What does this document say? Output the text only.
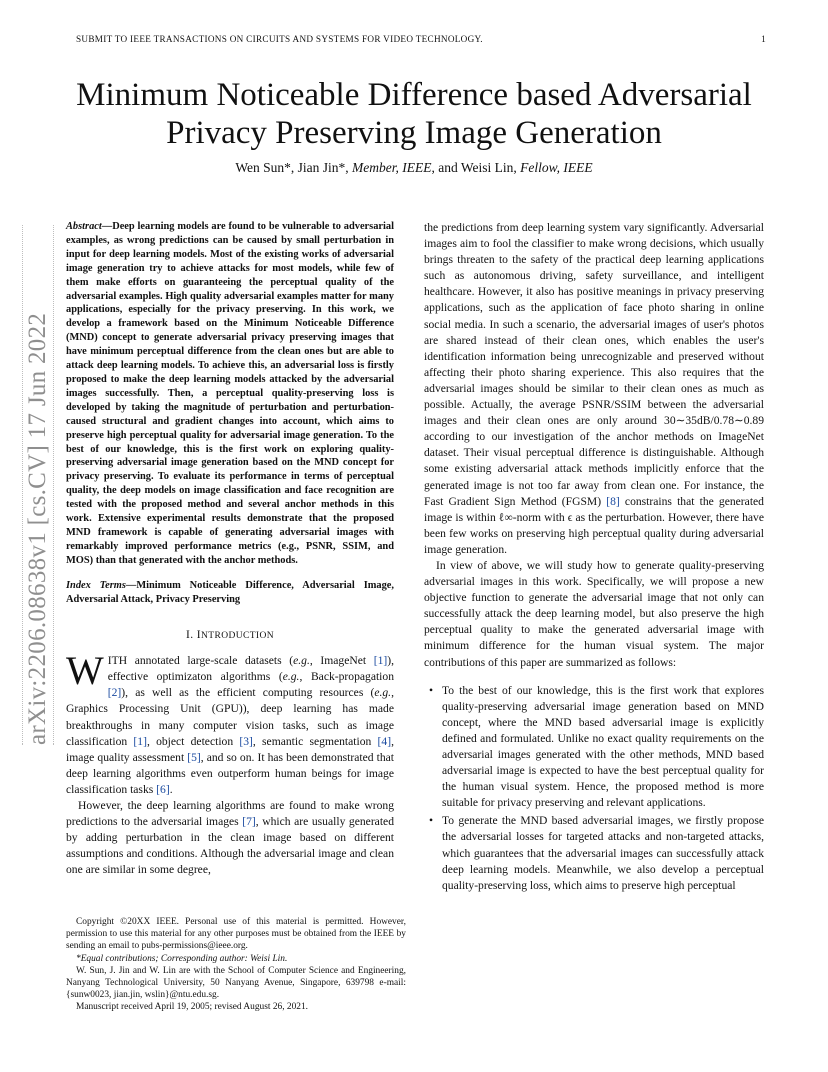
SUBMIT TO IEEE TRANSACTIONS ON CIRCUITS AND SYSTEMS FOR VIDEO TECHNOLOGY.	1
Minimum Noticeable Difference based Adversarial
Privacy Preserving Image Generation
Wen Sun*, Jian Jin*, Member, IEEE, and Weisi Lin, Fellow, IEEE
arXiv:2206.08638v1 [cs.CV] 17 Jun 2022
Abstract—Deep learning models are found to be vulnerable to adversarial examples, as wrong predictions can be caused by small perturbation in input for deep learning models. Most of the existing works of adversarial image generation try to achieve attacks for most models, while few of them make efforts on guaranteeing the perceptual quality of the adversarial examples. High quality adversarial examples matter for many applications, especially for the privacy preserving. In this work, we develop a framework based on the Minimum Noticeable Difference (MND) concept to generate adversarial privacy preserving images that have minimum perceptual difference from the clean ones but are able to attack deep learning models. To achieve this, an adversarial loss is firstly proposed to make the deep learning models attacked by the adversarial images successfully. Then, a perceptual quality-preserving loss is developed by taking the magnitude of perturbation and perturbation-caused structural and gradient changes into account, which aims to preserve high perceptual quality for adversarial image generation. To the best of our knowledge, this is the first work on exploring quality-preserving adversarial image generation based on the MND concept for privacy preserving. To evaluate its performance in terms of perceptual quality, the deep models on image classification and face recognition are tested with the proposed method and several anchor methods in this work. Extensive experimental results demonstrate that the proposed MND framework is capable of generating adversarial images with remarkably improved performance metrics (e.g., PSNR, SSIM, and MOS) than that generated with the anchor methods.
Index Terms—Minimum Noticeable Difference, Adversarial Image, Adversarial Attack, Privacy Preserving
I. INTRODUCTION

WITH annotated large-scale datasets (e.g., ImageNet [1]), effective optimizaton algorithms (e.g., Back-propagation [2]), as well as the efficient computing resources (e.g., Graphics Processing Unit (GPU)), deep learning has made breakthroughs in many computer vision tasks, such as image classification [1], object detection [3], semantic segmentation [4], image quality assessment [5], and so on. It has been demonstrated that deep learning algorithms even outperform human beings for image classification tasks [6].

However, the deep learning algorithms are found to make wrong predictions to the adversarial images [7], which are usually generated by adding perturbation in the clean image based on different assumptions and conditions. Although the adversarial image and clean one are similar in some degree,

Copyright ©20XX IEEE. Personal use of this material is permitted. However, permission to use this material for any other purposes must be obtained from the IEEE by sending an email to pubs-permissions@ieee.org.

*Equal contributions; Corresponding author: Weisi Lin.

W. Sun, J. Jin and W. Lin are with the School of Computer Science and Engineering, Nanyang Technological University, 50 Nanyang Avenue, Singapore, 639798 e-mail: {sunw0023, jian.jin, wslin}@ntu.edu.sg.

Manuscript received April 19, 2005; revised August 26, 2021.

the predictions from deep learning system vary significantly. Adversarial images aim to fool the classifier to make wrong decisions, which usually brings threaten to the safety of the practical deep learning applications such as autonomous driving, safety surveillance, and intelligent healthcare. However, it also has positive meanings in privacy preserving applications, such as the application of face photo sharing in online social media. In such a scenario, the adversarial images of user's photos are shared instead of their clean ones, which enables the user's identification information being unrecognizable and preserved without affecting their photo sharing experience. This also requires that the adversarial images should be similar to their clean ones as much as possible. Actually, the average PSNR/SSIM between the adversarial images and their clean ones are only around 30∼35dB/0.78∼0.89 according to our investigation of the anchor methods on ImageNet dataset. Their visual perceptual difference is distinguishable. Although some existing adversarial attack methods implicitly enforce that the generated image is not too far away from clean one. For instance, the Fast Gradient Sign Method (FGSM) [8] constrains that the generated image is within ℓ∞-norm with ϵ as the perturbation. However, there have been few works on preserving high perceptual quality during adversarial image generation.

In view of above, we will study how to generate quality-preserving adversarial images in this work. Specifically, we will propose a new objective function to generate the adversarial image that not only can successfully attack the deep learning model, but also preserve the high perceptual quality to make the generated adversarial image with minimum difference for the human visual system. The major contributions of this paper are summarized as follows:

• To the best of our knowledge, this is the first work that explores quality-preserving adversarial image generation based on MND concept, where the MND based adversarial image is explicitly defined and formulated. Unlike no exact quality requirements on the adversarial images generated with the other methods, MND based adversarial image is expected to have the best perceptual quality for the human visual system. Hence, the proposed method is more suitable for privacy preserving and relevant applications.
• To generate the MND based adversarial images, we firstly propose the adversarial losses for targeted attacks and non-targeted attacks, which guarantees that the adversarial images can successfully attack deep learning models. Meanwhile, we also develop a perceptual quality-preserving loss, which aims to preserve high perceptual
